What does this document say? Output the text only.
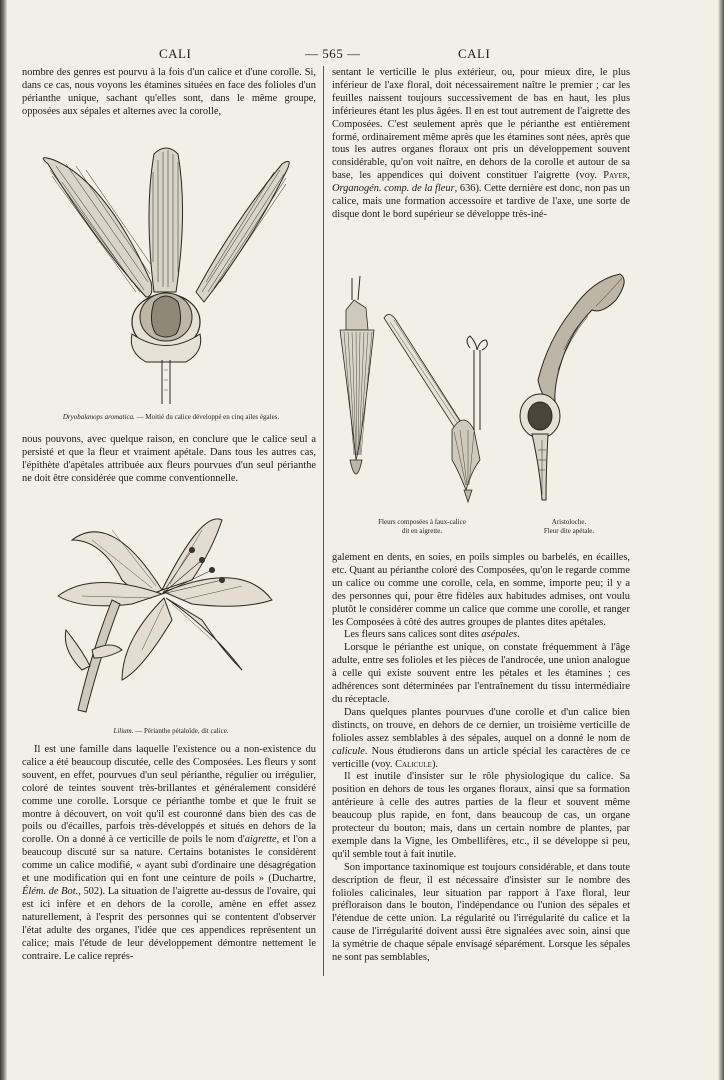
CALI	— 565 —	CALI

nombre des genres est pourvu à la fois d'un calice et d'une corolle. Si, dans ce cas, nous voyons les étamines situées en face des folioles d'un périanthe unique, sachant qu'elles sont, dans le même groupe, opposées aux sépales et alternes avec la corolle,

Dryobalanops aromatica. — Moitié du calice développé en cinq ailes égales.

nous pouvons, avec quelque raison, en conclure que le calice seul a persisté et que la fleur et vraiment apétale. Dans tous les autres cas, l'épithète d'apétales attribuée aux fleurs pourvues d'un seul périanthe ne doit être considérée que comme conventionnelle.

Lilium. — Périanthe pétaloïde, dit calice.

Il est une famille dans laquelle l'existence ou a non-existence du calice a été beaucoup discutée, celle des Composées. Les fleurs y sont souvent, en effet, pourvues d'un seul périanthe, régulier ou irrégulier, coloré de teintes souvent très-brillantes et généralement considéré comme une corolle. Lorsque ce périanthe tombe et que le fruit se montre à découvert, on voit qu'il est couronné dans bien des cas de poils ou d'écailles, parfois très-développés et situés en dehors de la corolle. On a donné à ce verticille de poils le nom d'aigrette, et l'on a beaucoup discuté sur sa nature. Certains botanistes le considèrent comme un calice modifié, « ayant subi d'ordinaire une désagrégation et une modification qui en font une ceinture de poils » (Duchartre, Élém. de Bot., 502). La situation de l'aigrette au-dessus de l'ovaire, qui est ici infère et en dehors de la corolle, amène en effet assez naturellement, à l'esprit des personnes qui se contentent d'observer l'état adulte des organes, l'idée que ces appendices représentent un calice; mais l'étude de leur développement démontre nettement le contraire. Le calice représ-

sentant le verticille le plus extérieur, ou, pour mieux dire, le plus inférieur de l'axe floral, doit nécessairement naître le premier ; car les feuilles naissent toujours successivement de bas en haut, les plus inférieures étant les plus âgées. Il en est tout autrement de l'aigrette des Composées. C'est seulement après que le périanthe est entièrement formé, ordinairement même après que les étamines sont nées, après que tous les autres organes floraux ont pris un développement souvent considérable, qu'on voit naître, en dehors de la corolle et autour de sa base, les appendices qui doivent constituer l'aigrette (voy. Payer, Organogén. comp. de la fleur, 636). Cette dernière est donc, non pas un calice, mais une formation accessoire et tardive de l'axe, une sorte de disque dont le bord supérieur se développe très-iné-

Fleurs composées à faux-calice
dit en aigrette.
Aristoloche.
Fleur dite apétale.

galement en dents, en soies, en poils simples ou barbelés, en écailles, etc. Quant au périanthe coloré des Composées, qu'on le regarde comme un calice ou comme une corolle, cela, en somme, importe peu; il y a des personnes qui, pour être fidèles aux habitudes admises, ont voulu plutôt le considérer comme un calice que comme une corolle, et ranger les Composées à côté des autres groupes de plantes dites apétales.

Les fleurs sans calices sont dites asépales.

Lorsque le périanthe est unique, on constate fréquemment à l'âge adulte, entre ses folioles et les pièces de l'androcée, une union analogue à celle qui existe souvent entre les pétales et les étamines ; ces adhérences sont déterminées par l'entraînement du tissu intermédiaire du réceptacle.

Dans quelques plantes pourvues d'une corolle et d'un calice bien distincts, on trouve, en dehors de ce dernier, un troisième verticille de folioles assez semblables à des sépales, auquel on a donné le nom de calicule. Nous étudierons dans un article spécial les caractères de ce verticille (voy. Calicule).

Il est inutile d'insister sur le rôle physiologique du calice. Sa position en dehors de tous les organes floraux, ainsi que sa formation antérieure à celle des autres parties de la fleur et souvent même beaucoup plus rapide, en font, dans beaucoup de cas, un organe protecteur du bouton; mais, dans un certain nombre de plantes, par exemple dans la Vigne, les Ombellifères, etc., il se développe si peu, qu'il semble tout à fait inutile.

Son importance taxinomique est toujours considérable, et dans toute description de fleur, il est nécessaire d'insister sur le nombre des folioles calicinales, leur situation par rapport à l'axe floral, leur préfloraison dans le bouton, l'indépendance ou l'union des sépales et l'étendue de cette union. La régularité ou l'irrégularité du calice et la cause de l'irrégularité doivent aussi être signalées avec soin, ainsi que la symétrie de chaque sépale envisagé séparément. Lorsque les sépales ne sont pas semblables,
